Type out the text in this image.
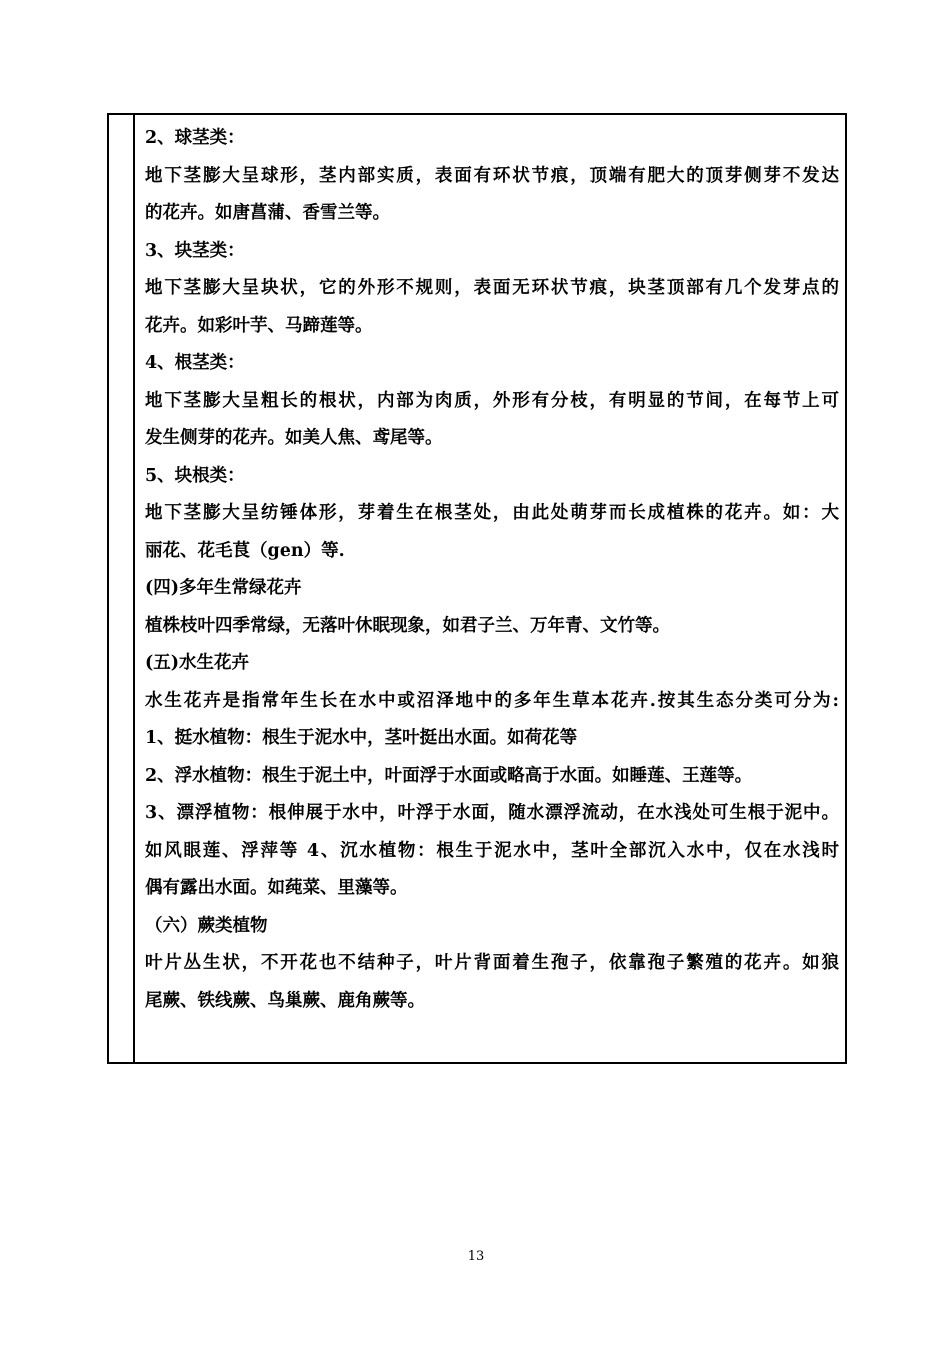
2、球茎类：
地下茎膨大呈球形，茎内部实质，表面有环状节痕，顶端有肥大的顶芽侧芽不发达
的花卉。如唐菖蒲、香雪兰等。
3、块茎类：
地下茎膨大呈块状，它的外形不规则，表面无环状节痕，块茎顶部有几个发芽点的
花卉。如彩叶芋、马蹄莲等。
4、根茎类：
地下茎膨大呈粗长的根状，内部为肉质，外形有分枝，有明显的节间，在每节上可
发生侧芽的花卉。如美人焦、鸢尾等。
5、块根类：
地下茎膨大呈纺锤体形，芽着生在根茎处，由此处萌芽而长成植株的花卉。如：大
丽花、花毛茛（gen）等.
(四)多年生常绿花卉
植株枝叶四季常绿，无落叶休眠现象，如君子兰、万年青、文竹等。
(五)水生花卉
水生花卉是指常年生长在水中或沼泽地中的多年生草本花卉.按其生态分类可分为:
1、挺水植物：根生于泥水中，茎叶挺出水面。如荷花等
2、浮水植物：根生于泥土中，叶面浮于水面或略高于水面。如睡莲、王莲等。
3、漂浮植物：根伸展于水中，叶浮于水面，随水漂浮流动，在水浅处可生根于泥中。
如风眼莲、浮萍等 4、沉水植物：根生于泥水中，茎叶全部沉入水中，仅在水浅时
偶有露出水面。如莼菜、里藻等。
（六）蕨类植物
叶片丛生状，不开花也不结种子，叶片背面着生孢子，依靠孢子繁殖的花卉。如狼
尾蕨、铁线蕨、鸟巢蕨、鹿角蕨等。
13
